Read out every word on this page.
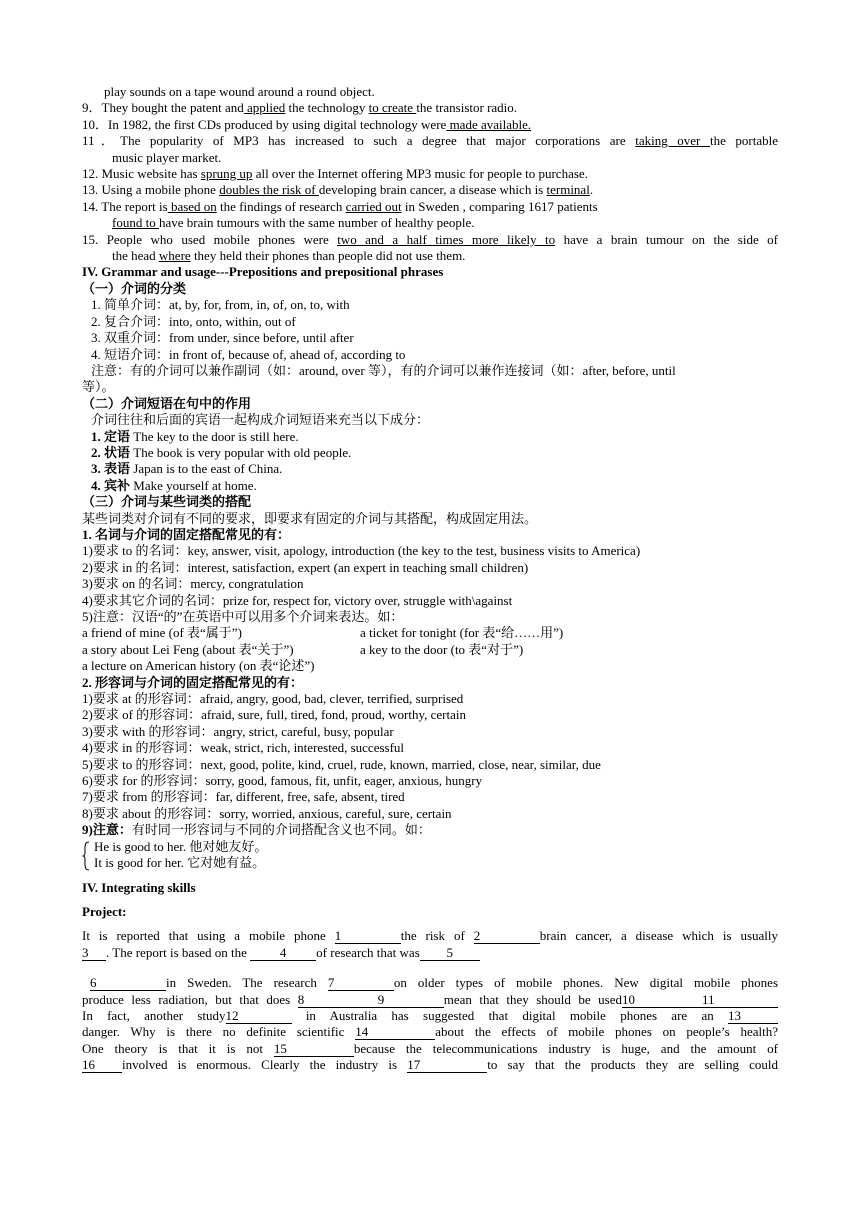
play sounds on a tape wound around a round object.
9．They bought the patent and applied the technology to create the transistor radio.
10．In 1982, the first CDs produced by using digital technology were made available.
11．The popularity of MP3 has increased to such a degree that major corporations are taking over the portable
music player market.
12. Music website has sprung up all over the Internet offering MP3 music for people to purchase.
13. Using a mobile phone doubles the risk of developing brain cancer, a disease which is terminal.
14. The report is based on the findings of research carried out in Sweden , comparing 1617 patients
found to have brain tumours with the same number of healthy people.
15. People who used mobile phones were two and a half times more likely to have a brain tumour on the side of
the head where they held their phones than people did not use them.
IV. Grammar and usage---Prepositions and prepositional phrases
（一）介词的分类
1. 简单介词：at, by, for, from, in, of, on, to, with
2. 复合介词：into, onto, within, out of
3. 双重介词：from under, since before, until after
4. 短语介词：in front of, because of, ahead of, according to
注意：有的介词可以兼作副词（如：around, over 等），有的介词可以兼作连接词（如：after, before, until
等）。
（二）介词短语在句中的作用
介词往往和后面的宾语一起构成介词短语来充当以下成分：
1. 定语 The key to the door is still here.
2. 状语 The book is very popular with old people.
3. 表语 Japan is to the east of China.
4. 宾补 Make yourself at home.
（三）介词与某些词类的搭配
某些词类对介词有不同的要求，即要求有固定的介词与其搭配，构成固定用法。
1. 名词与介词的固定搭配常见的有：
1)要求 to 的名词：key, answer, visit, apology, introduction (the key to the test, business visits to America)
2)要求 in 的名词：interest, satisfaction, expert (an expert in teaching small children)
3)要求 on 的名词：mercy, congratulation
4)要求其它介词的名词：prize for, respect for, victory over, struggle with\against
5)注意：汉语“的”在英语中可以用多个介词来表达。如：
a friend of mine (of 表“属于”)	a ticket for tonight (for 表“给……用”)
a story about Lei Feng (about 表“关于”)	a key to the door (to 表“对于”)
a lecture on American history (on 表“论述”)
2. 形容词与介词的固定搭配常见的有：
1)要求 at 的形容词：afraid, angry, good, bad, clever, terrified, surprised
2)要求 of 的形容词：afraid, sure, full, tired, fond, proud, worthy, certain
3)要求 with 的形容词：angry, strict, careful, busy, popular
4)要求 in 的形容词：weak, strict, rich, interested, successful
5)要求 to 的形容词：next, good, polite, kind, cruel, rude, known, married, close, near, similar, due
6)要求 for 的形容词：sorry, good, famous, fit, unfit, eager, anxious, hungry
7)要求 from 的形容词：far, different, free, safe, absent, tired
8)要求 about 的形容词：sorry, worried, anxious, careful, sure, certain
9)注意：有时同一形容词与不同的介词搭配含义也不同。如：
He is good to her. 他对她友好。
It is good for her. 它对她有益。
IV. Integrating skills
Project:
It is reported that using a mobile phone 1	the risk of 2	brain cancer, a disease which is usually
3 . The report is based on the 4 of research that was 5
6	in Sweden. The research 7	on older types of mobile phones. New digital mobile phones
produce less radiation, but that does 8	9	mean that they should be used10	11
In fact, another study12	in Australia has suggested that digital mobile phones are an 13
danger. Why is there no definite scientific 14	about the effects of mobile phones on people’s health?
One theory is that it is not 15	because the telecommunications industry is huge, and the amount of
16 involved is enormous. Clearly the industry is 17	to say that the products they are selling could
